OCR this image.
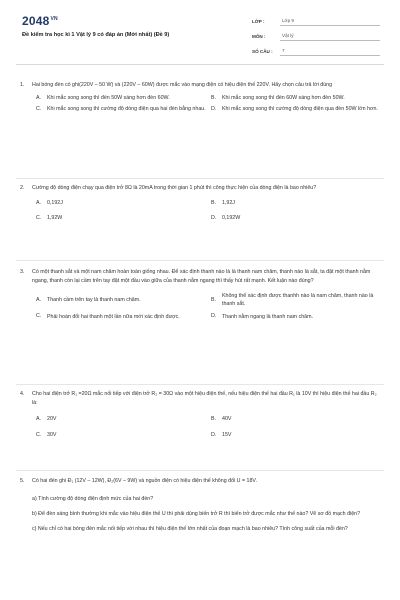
$2048^{VN}$
Đề kiểm tra học kì 1 Vật lý 9 có đáp án (Mới nhất) (Đề 9)
LỚP :	Lớp 9
MÔN :	Vật lý
SỐ CÂU :	7
1.	Hai bóng đèn có ghi(220V – 50 W) và (220V – 60W) được mắc vào mạng điện có hiệu điện thế 220V. Hãy chọn câu trả lời đúng
A.	Khi mắc song song thì đèn 50W sáng hơn đèn 60W.	B.	Khi mắc song song thì đèn 60W sáng hơn đèn 50W.
C.	Khi mắc song song thì cường độ dòng điện qua hai đèn bằng nhau. D.	Khi mắc song song thì cường độ dòng điện qua đèn 50W lớn hơn.
2.	Cường độ dòng điện chạy qua điện trở 8Ω là 20mA trong thời gian 1 phút thì công thực hiện của dòng điện là bao nhiêu?
A.	0,192J	B.	1,92J
C.	1,92W	D.	0,192W
3.	Có một thanh sắt và một nam châm hoàn toàn giống nhau. Để xác định thanh nào là là thanh nam châm, thanh nào là sắt, ta đặt một thanh nằm ngang, thanh còn lại cầm trên tay đặt một đầu vào giữa của thanh nằm ngang thì thấy hút rất mạnh. Kết luận nào đúng?
A.	Thanh cầm trên tay là thanh nam châm.	B.
Không thể xác định được thanhh nào là nam châm, thanh nào là thanh sắt.
C.	Phải hoán đổi hai thanh một lần nữa mới xác định được.	D.	Thanh nằm ngang là thanh nam châm.
4.	Cho hai điện trở R₁ =20Ω mắc nối tiếp với điện trở R₂ = 30Ω vào một hiệu điện thế, nếu hiệu điện thế hai đầu R₁ là 10V thì hiệu điện thế hai đầu R₂ là:
A.	20V	B.	40V
C.	30V	D.	15V
5.	Có hai đèn ghi Đ₁ (12V – 12W), Đ₂(6V – 9W) và nguồn điện có hiệu điện thế không đổi U = 18V.
a) Tính cường độ dòng điện định mức của hai đèn?
b) Để đèn sáng bình thường khi mắc vào hiệu điện thế U thì phải dùng biến trở R thì biến trở được mắc như thế nào? Vẽ sơ đồ mạch điện?
c) Nếu chỉ có hai bóng đèn mắc nối tiếp với nhau thì hiệu điện thế lớn nhất của đoạn mạch là bao nhiêu? Tính công suất của mỗi đèn?
